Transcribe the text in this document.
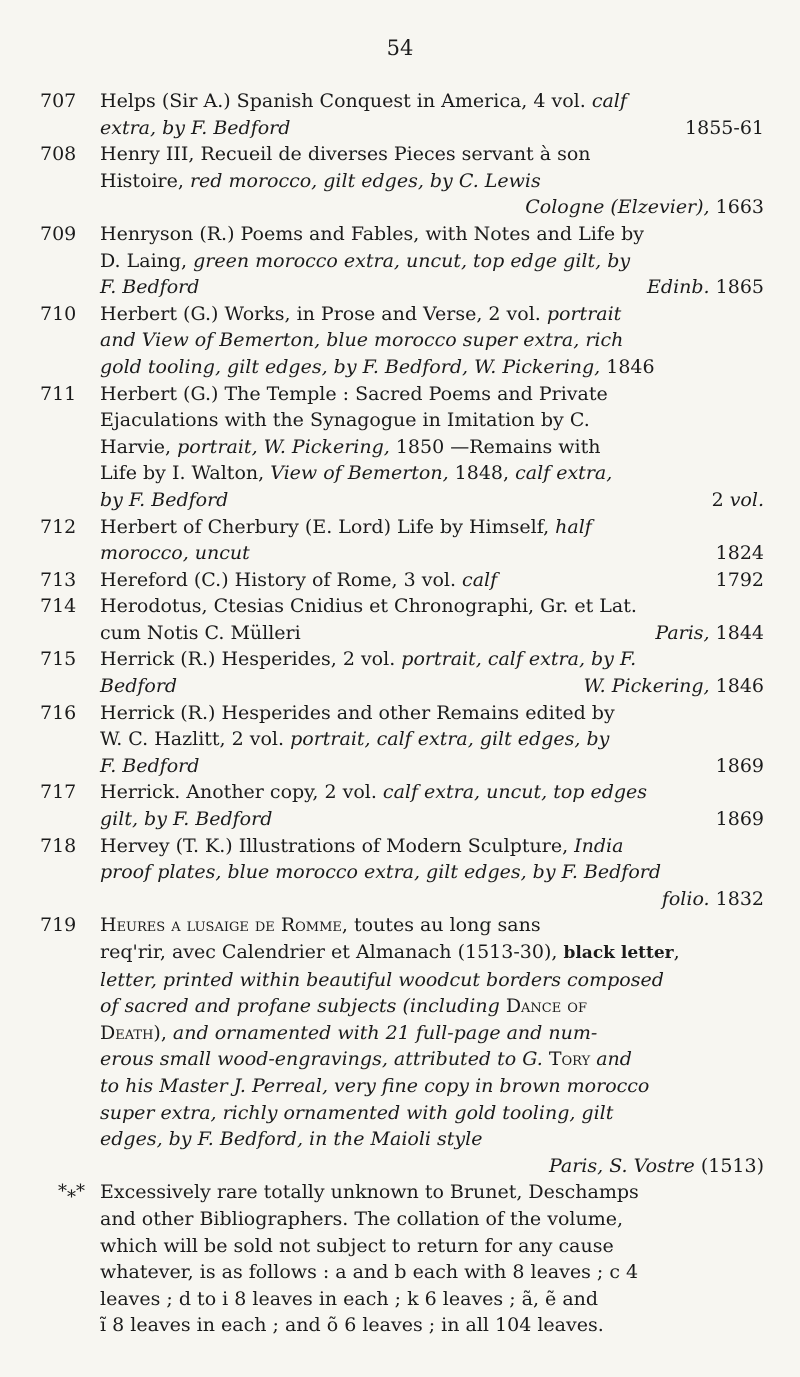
54
707 Helps (Sir A.) Spanish Conquest in America, 4 vol. calf
extra, by F. Bedford	1855-61
708 Henry III, Recueil de diverses Pieces servant à son
Histoire, red morocco, gilt edges, by C. Lewis
Cologne (Elzevier), 1663
709 Henryson (R.) Poems and Fables, with Notes and Life by
D. Laing, green morocco extra, uncut, top edge gilt, by
F. Bedford	Edinb. 1865
710 Herbert (G.) Works, in Prose and Verse, 2 vol. portrait
and View of Bemerton, blue morocco super extra, rich
gold tooling, gilt edges, by F. Bedford, W. Pickering, 1846
711 Herbert (G.) The Temple : Sacred Poems and Private
Ejaculations with the Synagogue in Imitation by C.
Harvie, portrait, W. Pickering, 1850 —Remains with
Life by I. Walton, View of Bemerton, 1848, calf extra,
by F. Bedford	2 vol.
712 Herbert of Cherbury (E. Lord) Life by Himself, half
morocco, uncut	1824
713 Hereford (C.) History of Rome, 3 vol. calf	1792
714 Herodotus, Ctesias Cnidius et Chronographi, Gr. et Lat.
cum Notis C. Mülleri	Paris, 1844
715 Herrick (R.) Hesperides, 2 vol. portrait, calf extra, by F.
Bedford	W. Pickering, 1846
716 Herrick (R.) Hesperides and other Remains edited by
W. C. Hazlitt, 2 vol. portrait, calf extra, gilt edges, by
F. Bedford	1869
717 Herrick. Another copy, 2 vol. calf extra, uncut, top edges
gilt, by F. Bedford	1869
718 Hervey (T. K.) Illustrations of Modern Sculpture, India
proof plates, blue morocco extra, gilt edges, by F. Bedford
folio. 1832
719 Heures a lusaige de Romme, toutes au long sans
req'rir, avec Calendrier et Almanach (1513-30), black letter,
letter, printed within beautiful woodcut borders composed
of sacred and profane subjects (including Dance of
Death), and ornamented with 21 full-page and num-
erous small wood-engravings, attributed to G. Tory and
to his Master J. Perreal, very fine copy in brown morocco
super extra, richly ornamented with gold tooling, gilt
edges, by F. Bedford, in the Maioli style
Paris, S. Vostre (1513)
*⁎* Excessively rare totally unknown to Brunet, Deschamps
and other Bibliographers. The collation of the volume,
which will be sold not subject to return for any cause
whatever, is as follows : a and b each with 8 leaves ; c 4
leaves ; d to i 8 leaves in each ; k 6 leaves ; ã, ẽ and
ĩ 8 leaves in each ; and õ 6 leaves ; in all 104 leaves.
